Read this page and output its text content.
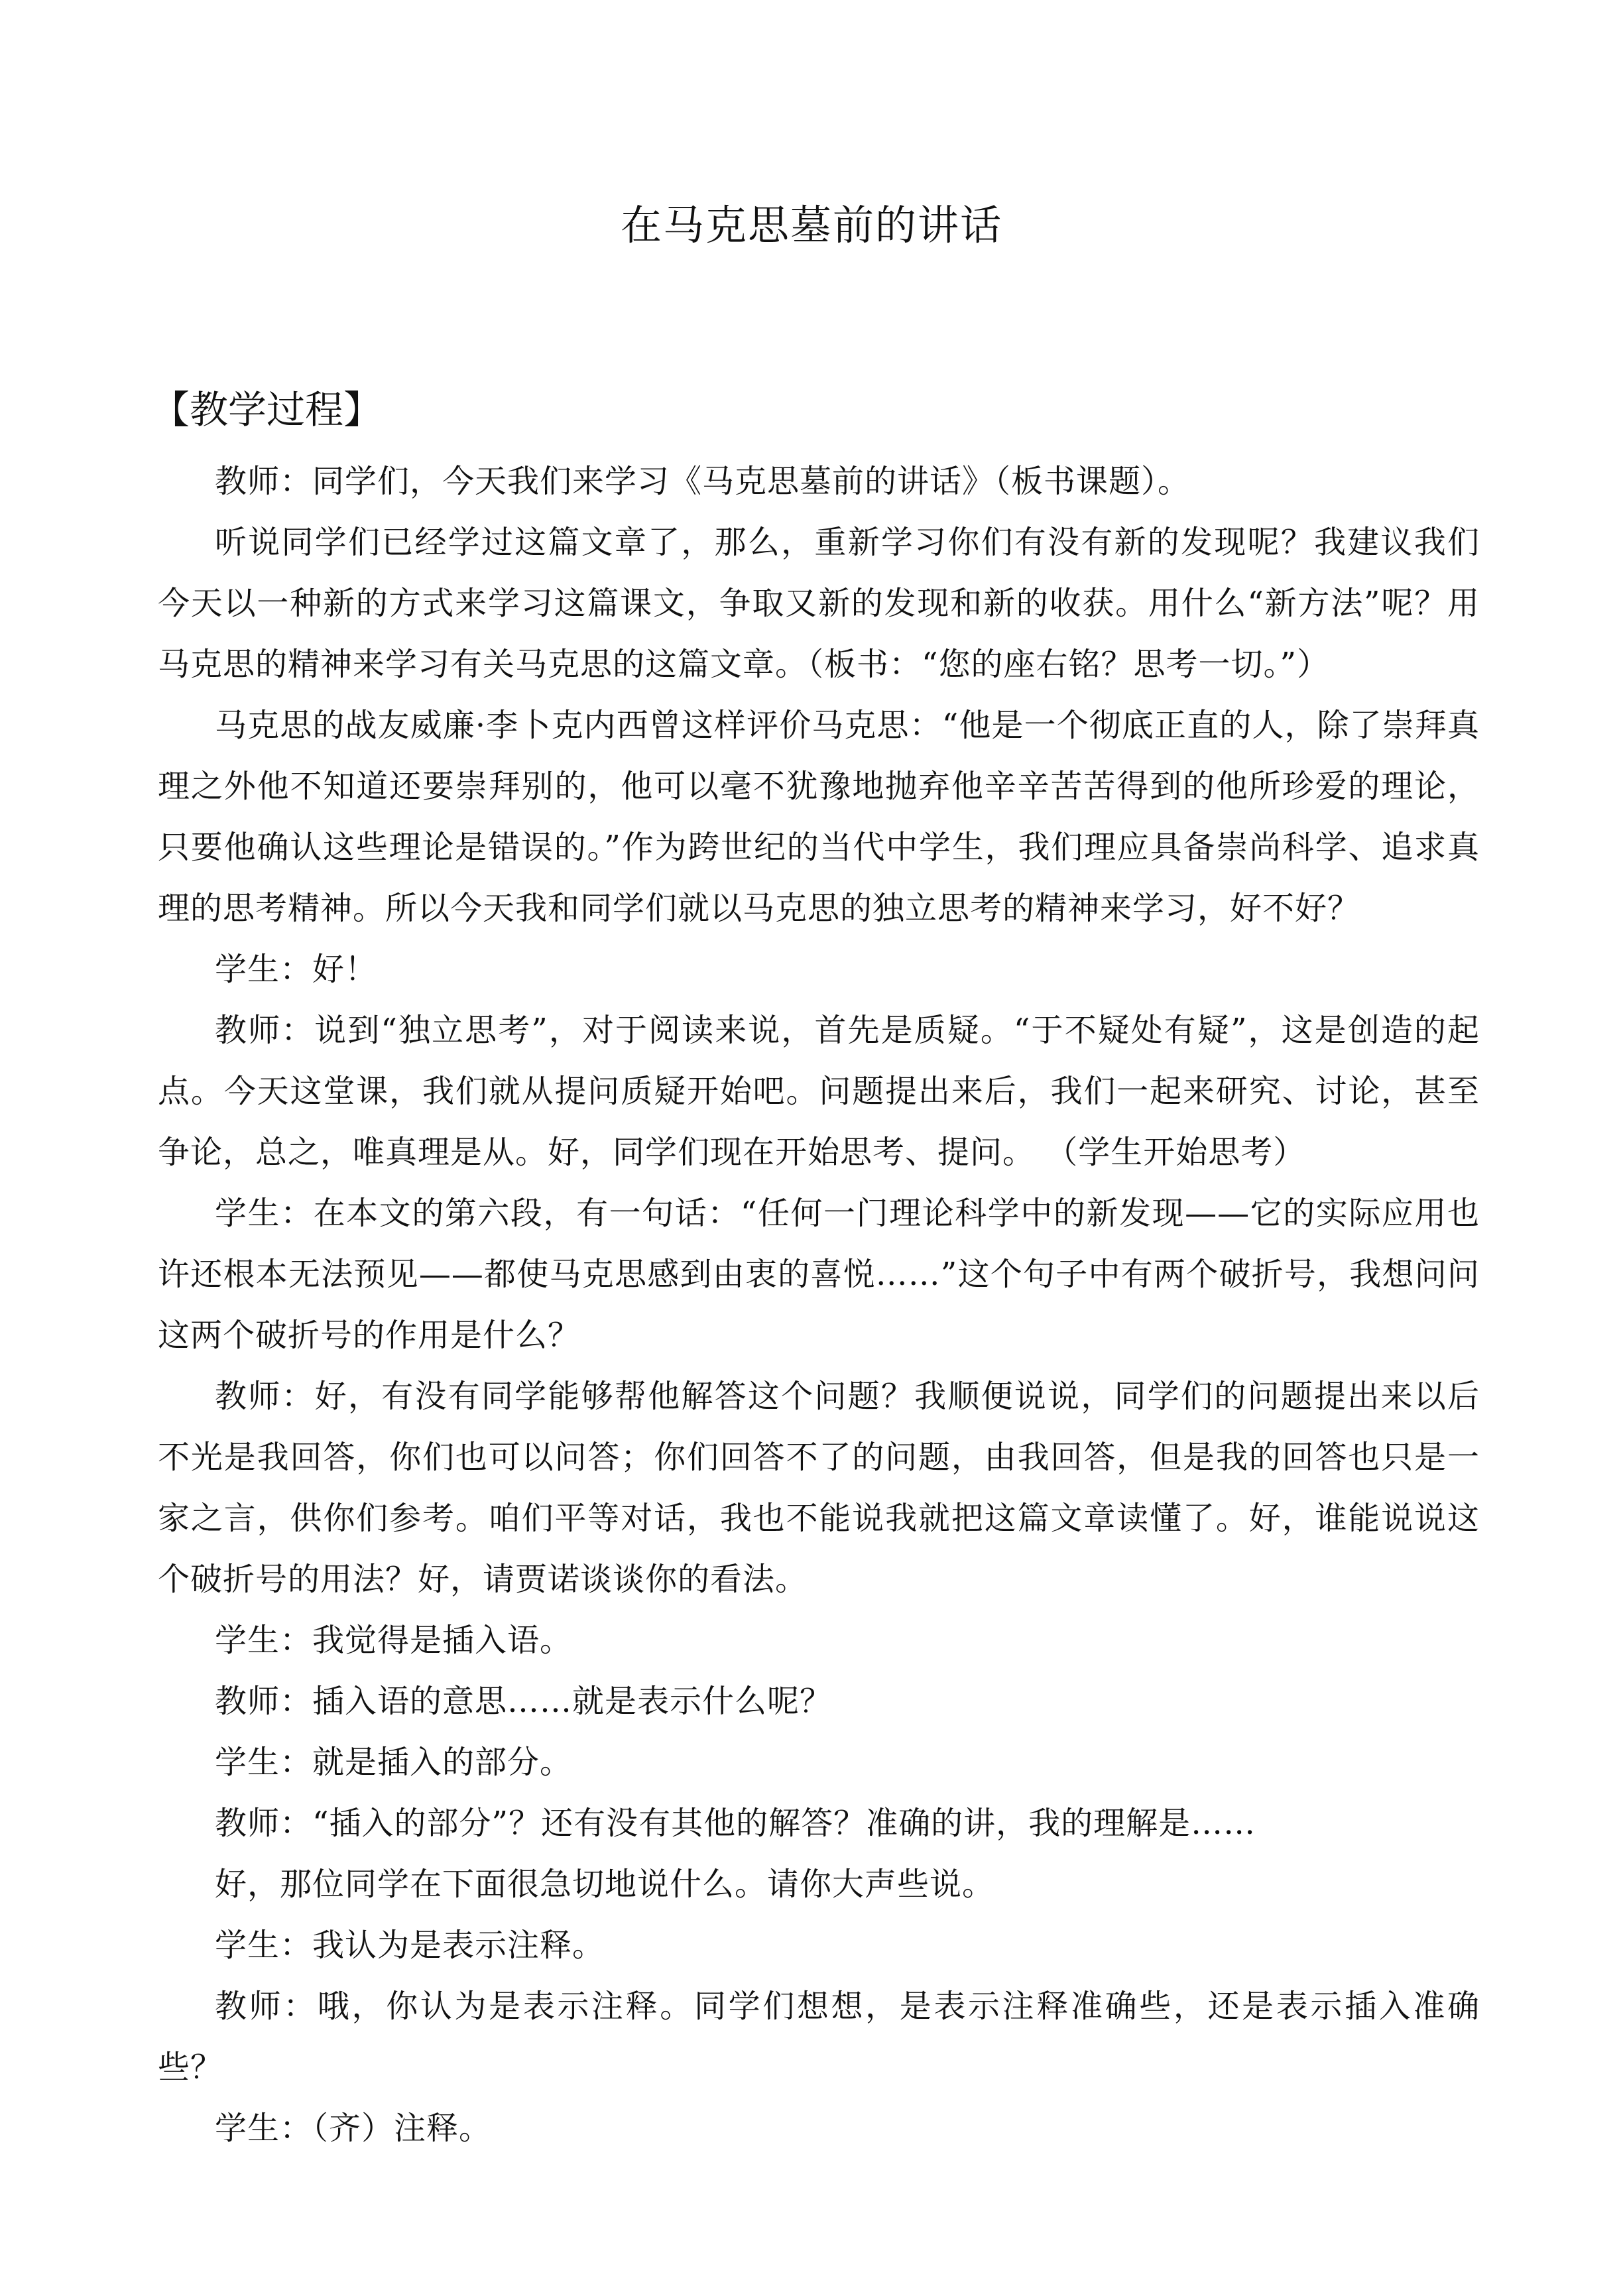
在马克思墓前的讲话
【教学过程】

教师：同学们，今天我们来学习《马克思墓前的讲话》（板书课题）。

听说同学们已经学过这篇文章了，那么，重新学习你们有没有新的发现呢？我建议我们今天以一种新的方式来学习这篇课文，争取又新的发现和新的收获。用什么“新方法”呢？用马克思的精神来学习有关马克思的这篇文章。（板书：“您的座右铭？思考一切。”）

马克思的战友威廉·李卜克内西曾这样评价马克思：“他是一个彻底正直的人，除了崇拜真理之外他不知道还要崇拜别的，他可以毫不犹豫地抛弃他辛辛苦苦得到的他所珍爱的理论，只要他确认这些理论是错误的。”作为跨世纪的当代中学生，我们理应具备崇尚科学、追求真理的思考精神。所以今天我和同学们就以马克思的独立思考的精神来学习，好不好？

学生：好！

教师：说到“独立思考”，对于阅读来说，首先是质疑。“于不疑处有疑”，这是创造的起点。今天这堂课，我们就从提问质疑开始吧。问题提出来后，我们一起来研究、讨论，甚至争论，总之，唯真理是从。好，同学们现在开始思考、提问。 （学生开始思考）

学生：在本文的第六段，有一句话：“任何一门理论科学中的新发现——它的实际应用也许还根本无法预见——都使马克思感到由衷的喜悦……”这个句子中有两个破折号，我想问问这两个破折号的作用是什么？

教师：好，有没有同学能够帮他解答这个问题？我顺便说说，同学们的问题提出来以后不光是我回答，你们也可以问答；你们回答不了的问题，由我回答，但是我的回答也只是一家之言，供你们参考。咱们平等对话，我也不能说我就把这篇文章读懂了。好，谁能说说这个破折号的用法？好，请贾诺谈谈你的看法。

学生：我觉得是插入语。

教师：插入语的意思……就是表示什么呢？

学生：就是插入的部分。

教师：“插入的部分”？还有没有其他的解答？准确的讲，我的理解是……

好，那位同学在下面很急切地说什么。请你大声些说。

学生：我认为是表示注释。

教师：哦，你认为是表示注释。同学们想想，是表示注释准确些，还是表示插入准确些？

学生：（齐）注释。
